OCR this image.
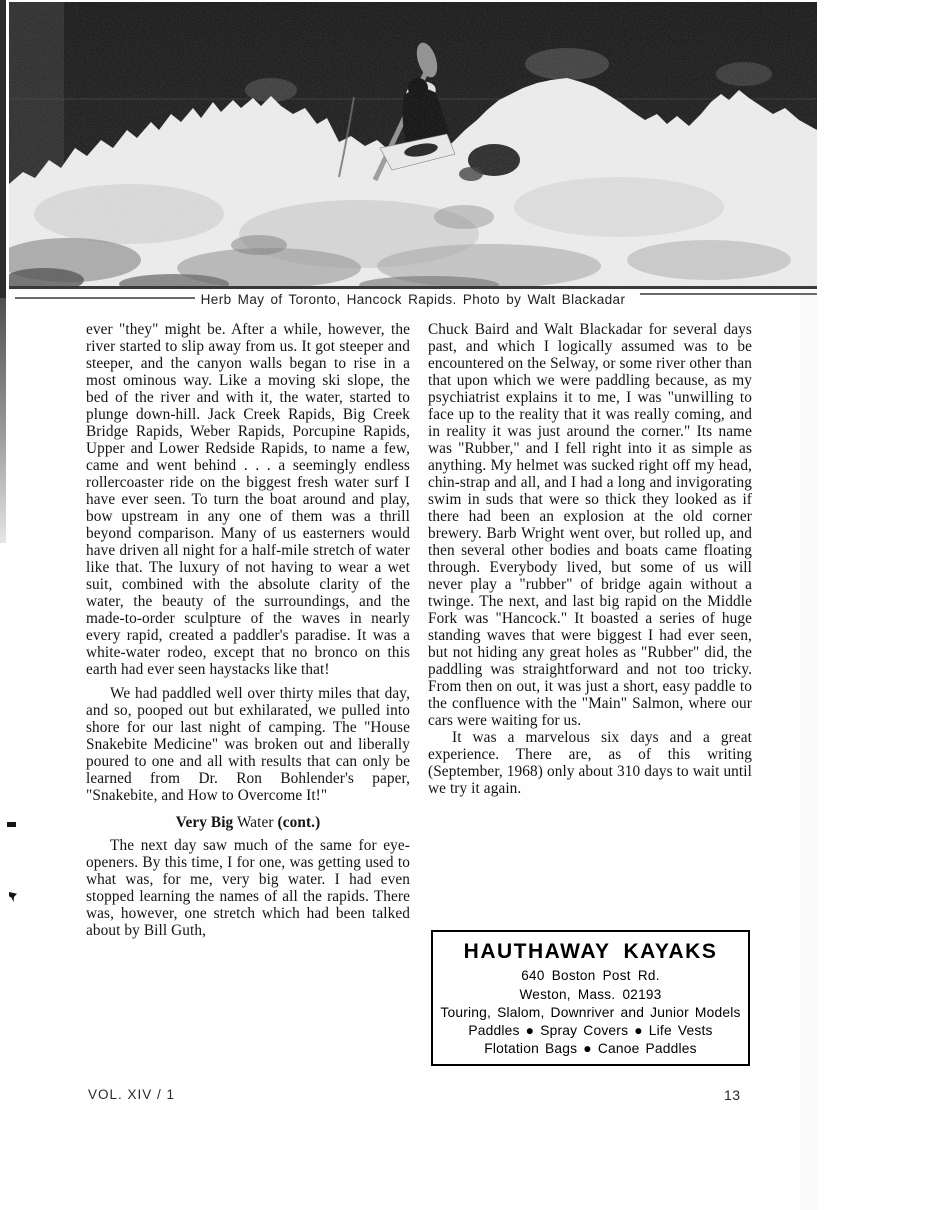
Herb May of Toronto, Hancock Rapids. Photo by Walt Blackadar

ever "they" might be. After a while, however, the river started to slip away from us. It got steeper and steeper, and the canyon walls began to rise in a most ominous way. Like a moving ski slope, the bed of the river and with it, the water, started to plunge down-hill. Jack Creek Rapids, Big Creek Bridge Rapids, Weber Rapids, Porcupine Rapids, Upper and Lower Redside Rapids, to name a few, came and went behind . . . a seemingly endless rollercoaster ride on the biggest fresh water surf I have ever seen. To turn the boat around and play, bow upstream in any one of them was a thrill beyond comparison. Many of us easterners would have driven all night for a half-mile stretch of water like that. The luxury of not having to wear a wet suit, combined with the absolute clarity of the water, the beauty of the surroundings, and the made-to-order sculpture of the waves in nearly every rapid, created a paddler's paradise. It was a white-water rodeo, except that no bronco on this earth had ever seen haystacks like that!

We had paddled well over thirty miles that day, and so, pooped out but exhilarated, we pulled into shore for our last night of camping. The "House Snakebite Medicine" was broken out and liberally poured to one and all with results that can only be learned from Dr. Ron Bohlender's paper, "Snakebite, and How to Overcome It!"

Very Big Water (cont.)

The next day saw much of the same for eye-openers. By this time, I for one, was getting used to what was, for me, very big water. I had even stopped learning the names of all the rapids. There was, however, one stretch which had been talked about by Bill Guth,

Chuck Baird and Walt Blackadar for several days past, and which I logically assumed was to be encountered on the Selway, or some river other than that upon which we were paddling because, as my psychiatrist explains it to me, I was "unwilling to face up to the reality that it was really coming, and in reality it was just around the corner." Its name was "Rubber," and I fell right into it as simple as anything. My helmet was sucked right off my head, chin-strap and all, and I had a long and invigorating swim in suds that were so thick they looked as if there had been an explosion at the old corner brewery. Barb Wright went over, but rolled up, and then several other bodies and boats came floating through. Everybody lived, but some of us will never play a "rubber" of bridge again without a twinge. The next, and last big rapid on the Middle Fork was "Hancock." It boasted a series of huge standing waves that were biggest I had ever seen, but not hiding any great holes as "Rubber" did, the paddling was straightforward and not too tricky. From then on out, it was just a short, easy paddle to the confluence with the "Main" Salmon, where our cars were waiting for us.

It was a marvelous six days and a great experience. There are, as of this writing (September, 1968) only about 310 days to wait until we try it again.

HAUTHAWAY KAYAKS
640 Boston Post Rd.
Weston, Mass. 02193
Touring, Slalom, Downriver and Junior Models
Paddles ● Spray Covers ● Life Vests
Flotation Bags ● Canoe Paddles
VOL. XIV / 1	13
